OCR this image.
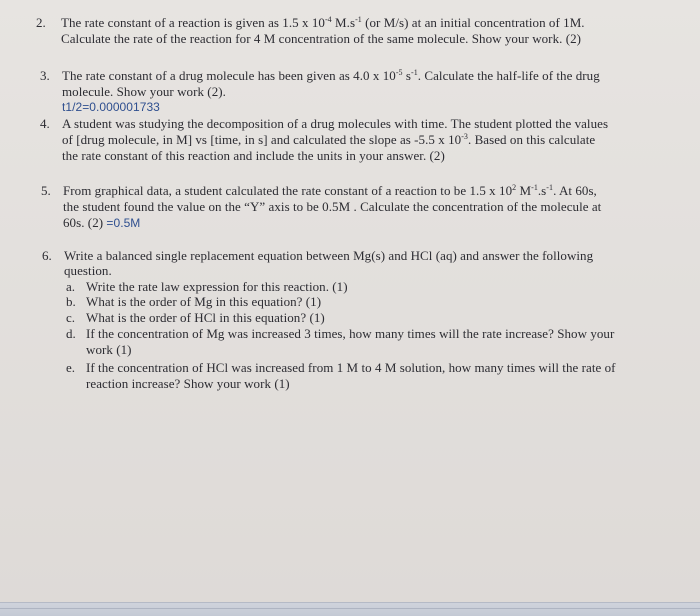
2. The rate constant of a reaction is given as 1.5 x $10^{-4}$ $M.s^{-1}$ (or M/s) at an initial concentration of 1M.
Calculate the rate of the reaction for 4 M concentration of the same molecule. Show your work. (2)
3. The rate constant of a drug molecule has been given as 4.0 x $10^{-5}$ $s^{-1}$. Calculate the half-life of the drug
molecule. Show your work (2).
t1/2=0.000001733
4. A student was studying the decomposition of a drug molecules with time. The student plotted the values
of [drug molecule, in M] vs [time, in s] and calculated the slope as -5.5 x $10^{-3}$. Based on this calculate
the rate constant of this reaction and include the units in your answer. (2)
5. From graphical data, a student calculated the rate constant of a reaction to be 1.5 x $10^2$ $M^{-1}.s^{-1}$. At 60s,
the student found the value on the “Y” axis to be 0.5M . Calculate the concentration of the molecule at
60s. (2) =0.5M
6. Write a balanced single replacement equation between Mg(s) and HCl (aq) and answer the following
question.
a. Write the rate law expression for this reaction. (1)
b. What is the order of Mg in this equation? (1)
c. What is the order of HCl in this equation? (1)
d. If the concentration of Mg was increased 3 times, how many times will the rate increase? Show your
work (1)
e. If the concentration of HCl was increased from 1 M to 4 M solution, how many times will the rate of
reaction increase? Show your work (1)
